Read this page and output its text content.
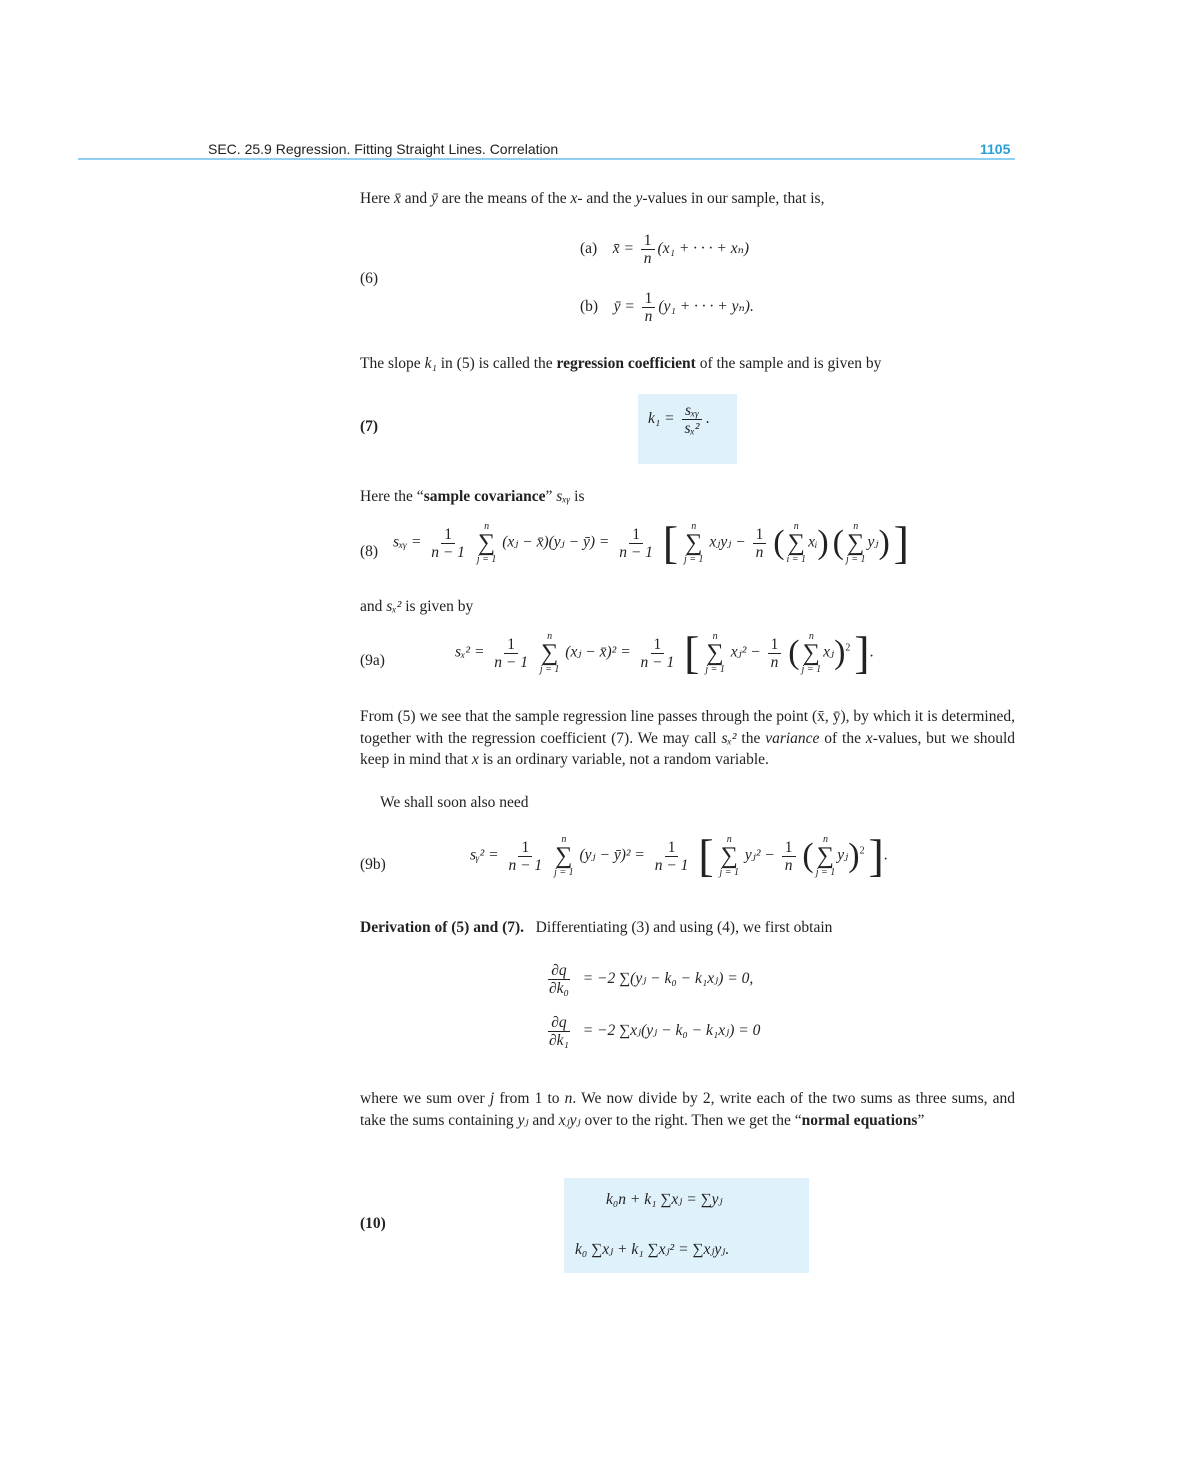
SEC. 25.9 Regression. Fitting Straight Lines. Correlation	1105
Here x̄ and ȳ are the means of the x- and the y-values in our sample, that is,
(6)
(a) x̄ = $\frac{1}{n} (x_1$ + · · · + xₙ)
(b) ȳ = $\frac{1}{n} (y_1$ + · · · + yₙ).
The slope k₁ in (5) is called the regression coefficient of the sample and is given by
(7)	$k_1 = \frac{\text{sₓᵧ}}{\text{sₓ²}}$ .
Here the “sample covariance” sₓᵧ is
(8)
sₓᵧ = $\frac{1}{n - 1}$
n
∑
j = 1
(xⱼ − x̄)(yⱼ − ȳ) = $\frac{1}{n - 1}$ [ n
∑
j = 1
xⱼyⱼ − $\frac{1}{n}$ ( n
∑
i = 1
xᵢ) ( n
∑
j = 1
yⱼ) ]
and sₓ² is given by
(9a)	$s_x^2 = \frac{1}{n - 1}$
n
∑
j = 1
(xⱼ − x̄)² = $\frac{1}{n - 1}$ [ n
∑
j = 1
xⱼ² − $\frac{1}{n}$ ( n
∑
j = 1
xⱼ)$^2$ ].
From (5) we see that the sample regression line passes through the point (x̄, ȳ), by which it is determined, together with the regression coefficient (7). We may call sₓ² the variance of the x-values, but we should keep in mind that x is an ordinary variable, not a random variable.
We shall soon also need
(9b)
sᵧ² = $\frac{1}{n - 1}$
n
∑
j = 1
(yⱼ − ȳ)² = $\frac{1}{n - 1}$ [ n
∑
j = 1
yⱼ² − $\frac{1}{n}$ ( n
∑
j = 1
yⱼ)$^2$ ].
Derivation of (5) and (7). Differentiating (3) and using (4), we first obtain
$\frac{\partial q}{\text{∂k₀}} = -2$ ∑(yⱼ − k₀ − k₁xⱼ) = 0,
$\frac{\partial q}{\text{∂k₁}} = -2$ ∑xⱼ(yⱼ − k₀ − k₁xⱼ) = 0
where we sum over j from 1 to n. We now divide by 2, write each of the two sums as three sums, and take the sums containing yⱼ and xⱼyⱼ over to the right. Then we get the “normal equations”
(10)
k₀n + k₁ ∑xⱼ = ∑yⱼ
k₀ ∑xⱼ + k₁ ∑xⱼ² = ∑xⱼyⱼ.
